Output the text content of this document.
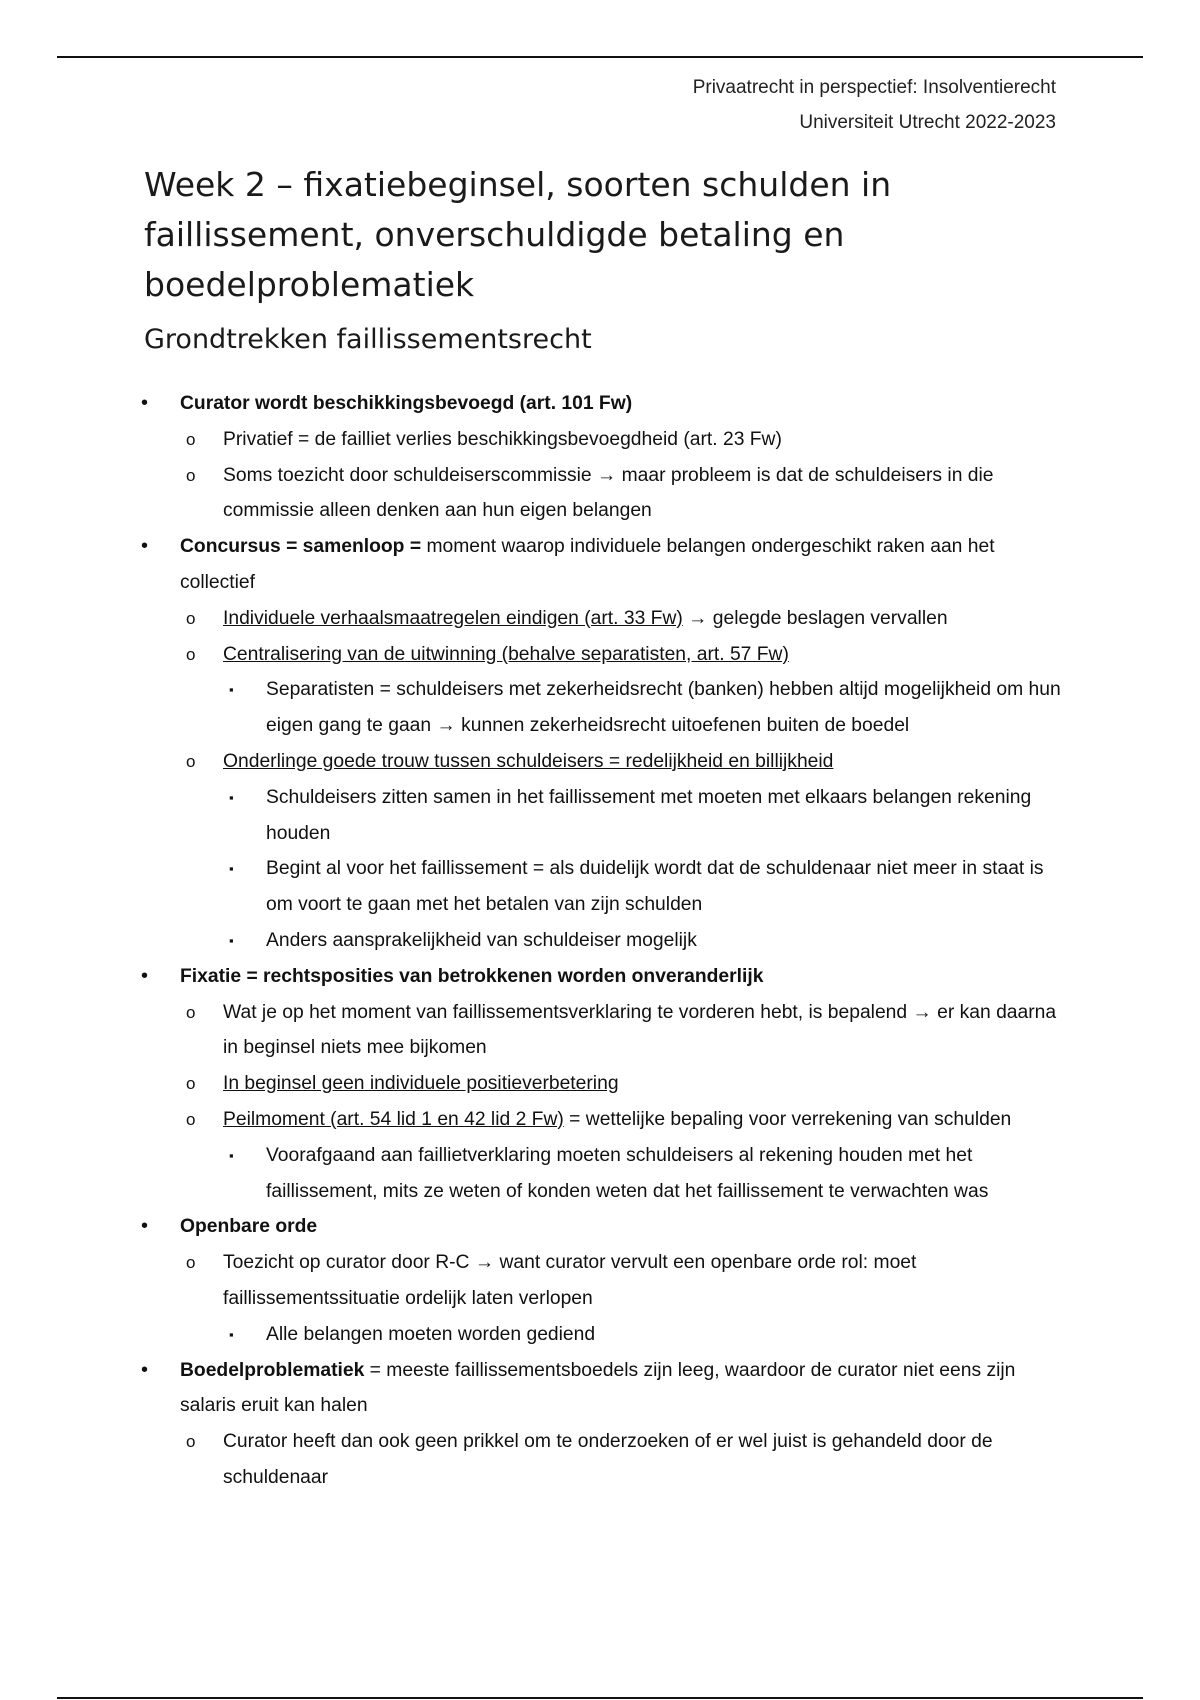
Privaatrecht in perspectief: Insolventierecht
Universiteit Utrecht 2022-2023
Week 2 – fixatiebeginsel, soorten schulden in faillissement, onverschuldigde betaling en boedelproblematiek
Grondtrekken faillissementsrecht
• Curator wordt beschikkingsbevoegd (art. 101 Fw)
o Privatief = de failliet verlies beschikkingsbevoegdheid (art. 23 Fw)
o Soms toezicht door schuldeiserscommissie → maar probleem is dat de schuldeisers in die commissie alleen denken aan hun eigen belangen
• Concursus = samenloop = moment waarop individuele belangen ondergeschikt raken aan het collectief
o Individuele verhaalsmaatregelen eindigen (art. 33 Fw) → gelegde beslagen vervallen
o Centralisering van de uitwinning (behalve separatisten, art. 57 Fw)
▪ Separatisten = schuldeisers met zekerheidsrecht (banken) hebben altijd mogelijkheid om hun eigen gang te gaan → kunnen zekerheidsrecht uitoefenen buiten de boedel
o Onderlinge goede trouw tussen schuldeisers = redelijkheid en billijkheid
▪ Schuldeisers zitten samen in het faillissement met moeten met elkaars belangen rekening houden
▪ Begint al voor het faillissement = als duidelijk wordt dat de schuldenaar niet meer in staat is om voort te gaan met het betalen van zijn schulden
▪ Anders aansprakelijkheid van schuldeiser mogelijk
• Fixatie = rechtsposities van betrokkenen worden onveranderlijk
o Wat je op het moment van faillissementsverklaring te vorderen hebt, is bepalend → er kan daarna in beginsel niets mee bijkomen
o In beginsel geen individuele positieverbetering
o Peilmoment (art. 54 lid 1 en 42 lid 2 Fw) = wettelijke bepaling voor verrekening van schulden
▪ Voorafgaand aan faillietverklaring moeten schuldeisers al rekening houden met het faillissement, mits ze weten of konden weten dat het faillissement te verwachten was
• Openbare orde
o Toezicht op curator door R-C → want curator vervult een openbare orde rol: moet faillissementssituatie ordelijk laten verlopen
▪ Alle belangen moeten worden gediend
• Boedelproblematiek = meeste faillissementsboedels zijn leeg, waardoor de curator niet eens zijn salaris eruit kan halen
o Curator heeft dan ook geen prikkel om te onderzoeken of er wel juist is gehandeld door de schuldenaar
